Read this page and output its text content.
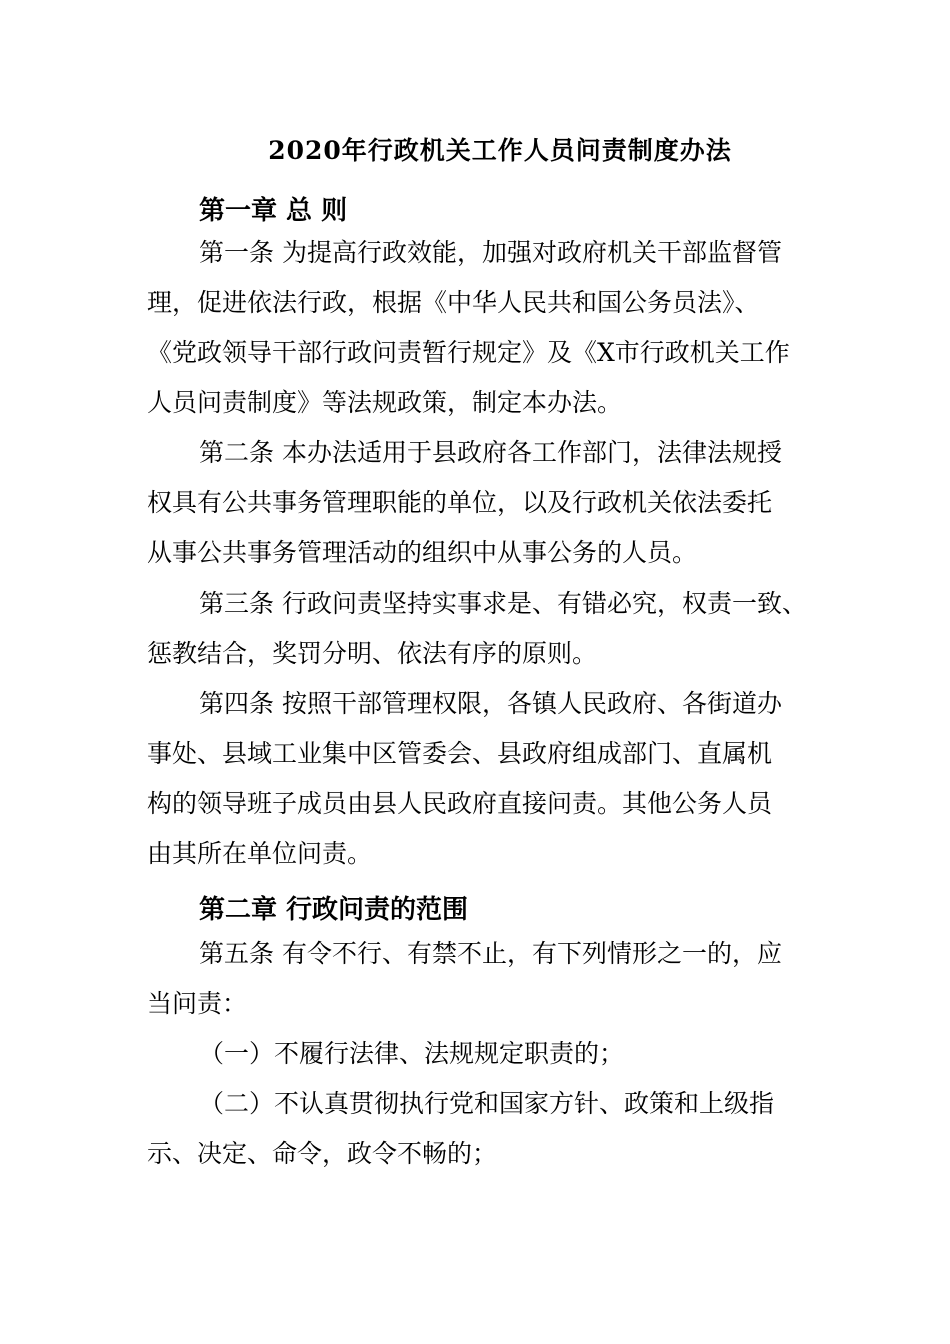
2020年行政机关工作人员问责制度办法
第一章 总 则
第一条 为提高行政效能，加强对政府机关干部监督管
理，促进依法行政，根据《中华人民共和国公务员法》、
《党政领导干部行政问责暂行规定》及《X市行政机关工作
人员问责制度》等法规政策，制定本办法。
第二条 本办法适用于县政府各工作部门，法律法规授
权具有公共事务管理职能的单位，以及行政机关依法委托
从事公共事务管理活动的组织中从事公务的人员。
第三条 行政问责坚持实事求是、有错必究，权责一致、
惩教结合，奖罚分明、依法有序的原则。
第四条 按照干部管理权限，各镇人民政府、各街道办
事处、县域工业集中区管委会、县政府组成部门、直属机
构的领导班子成员由县人民政府直接问责。其他公务人员
由其所在单位问责。
第二章 行政问责的范围
第五条 有令不行、有禁不止，有下列情形之一的，应
当问责：
（一）不履行法律、法规规定职责的；
（二）不认真贯彻执行党和国家方针、政策和上级指
示、决定、命令，政令不畅的；
